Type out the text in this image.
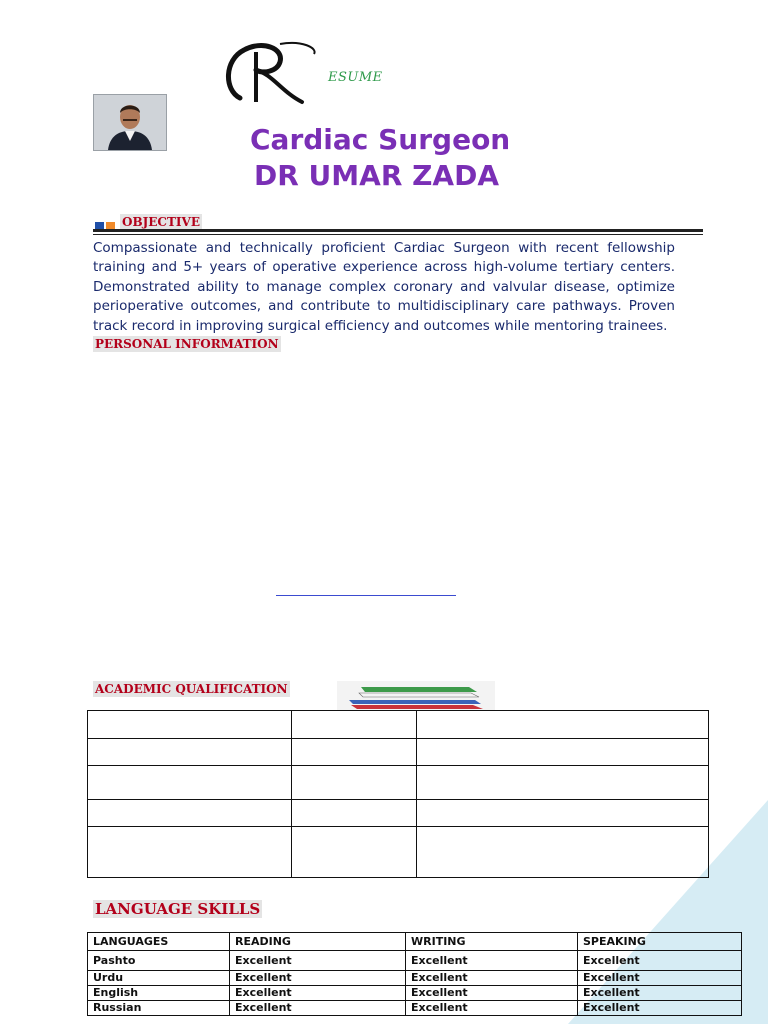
ESUME
Cardiac Surgeon
DR UMAR ZADA
OBJECTIVE
Compassionate and technically proficient Cardiac Surgeon with recent fellowship training and 5+ years of operative experience across high-volume tertiary centers. Demonstrated ability to manage complex coronary and valvular disease, optimize perioperative outcomes, and contribute to multidisciplinary care pathways. Proven track record in improving surgical efficiency and outcomes while mentoring trainees.
PERSONAL INFORMATION
ACADEMIC QUALIFICATION

LANGUAGE SKILLS
LANGUAGES	READING	WRITING	SPEAKING
Pashto	Excellent	Excellent	Excellent
Urdu	Excellent	Excellent	Excellent
English	Excellent	Excellent	Excellent
Russian	Excellent	Excellent	Excellent
